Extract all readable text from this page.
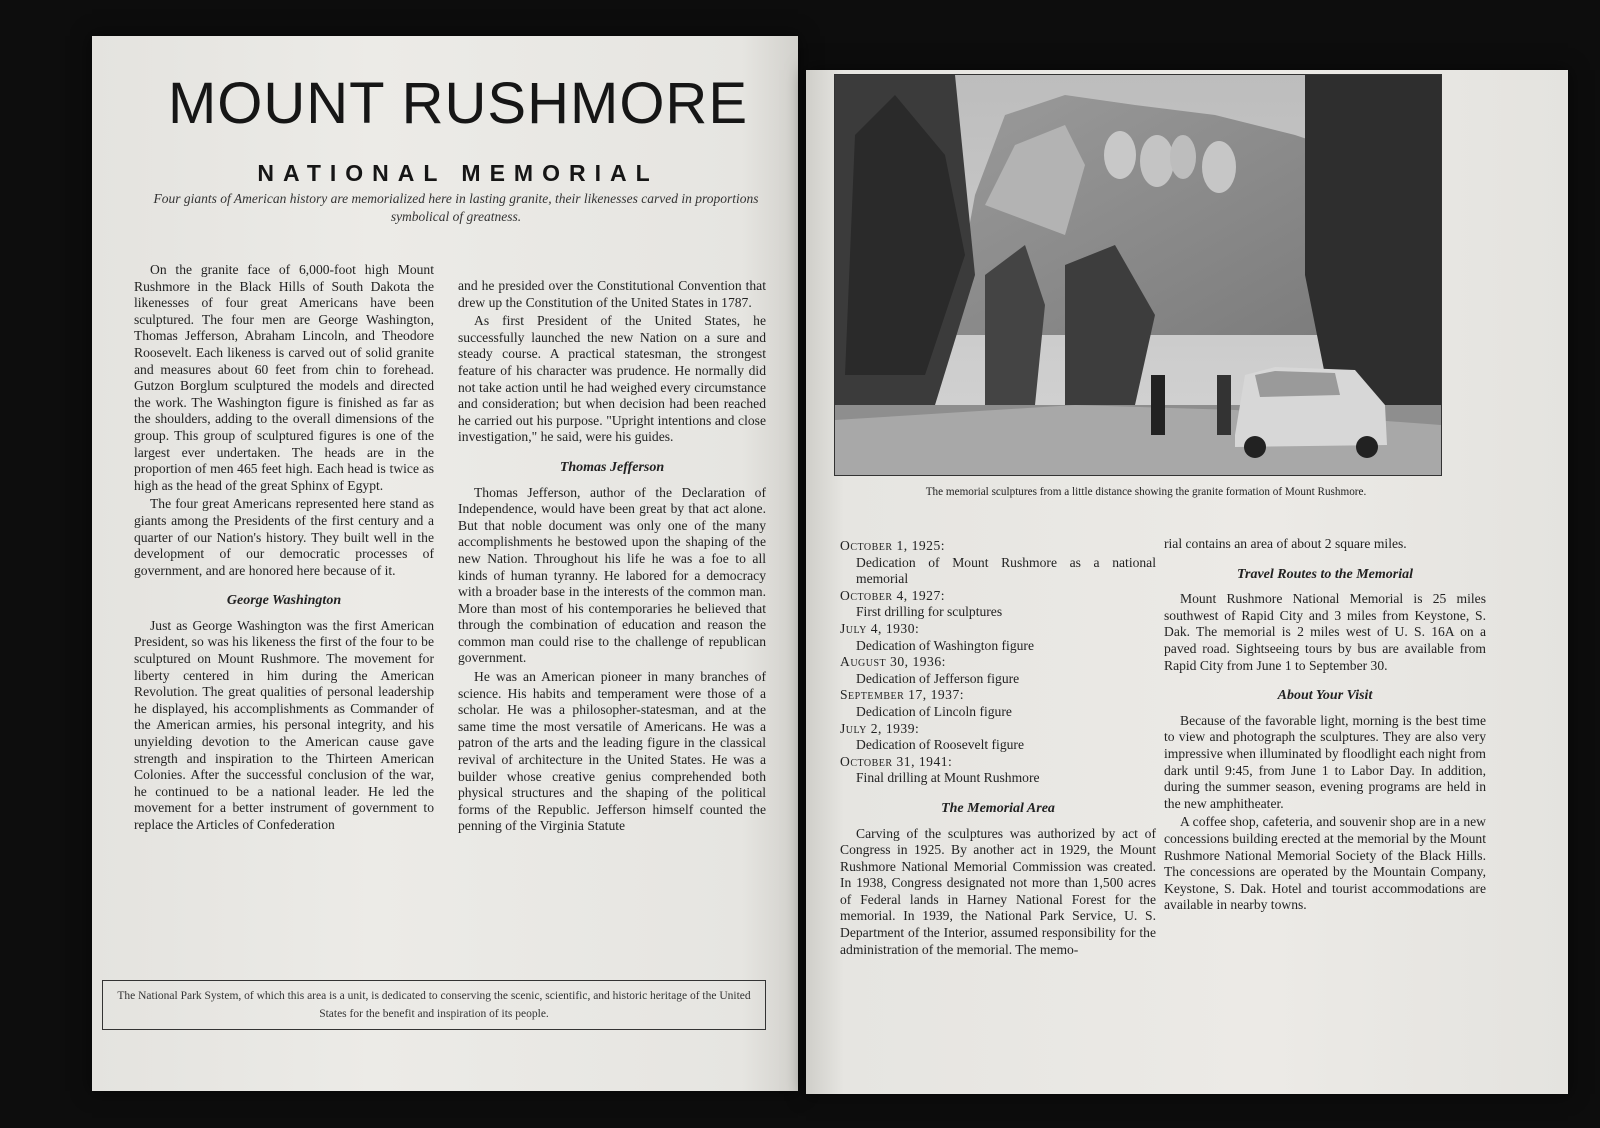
MOUNT RUSHMORE
NATIONAL MEMORIAL
Four giants of American history are memorialized here in lasting granite, their likenesses carved in proportions symbolical of greatness.

On the granite face of 6,000-foot high Mount Rushmore in the Black Hills of South Dakota the likenesses of four great Americans have been sculptured. The four men are George Washington, Thomas Jefferson, Abraham Lincoln, and Theodore Roosevelt. Each likeness is carved out of solid granite and measures about 60 feet from chin to forehead. Gutzon Borglum sculptured the models and directed the work. The Washington figure is finished as far as the shoulders, adding to the overall dimensions of the group. This group of sculptured figures is one of the largest ever undertaken. The heads are in the proportion of men 465 feet high. Each head is twice as high as the head of the great Sphinx of Egypt.

The four great Americans represented here stand as giants among the Presidents of the first century and a quarter of our Nation's history. They built well in the development of our democratic processes of government, and are honored here because of it.

George Washington

Just as George Washington was the first American President, so was his likeness the first of the four to be sculptured on Mount Rushmore. The movement for liberty centered in him during the American Revolution. The great qualities of personal leadership he displayed, his accomplishments as Commander of the American armies, his personal integrity, and his unyielding devotion to the American cause gave strength and inspiration to the Thirteen American Colonies. After the successful conclusion of the war, he continued to be a national leader. He led the movement for a better instrument of government to replace the Articles of Confederation

and he presided over the Constitutional Convention that drew up the Constitution of the United States in 1787.

As first President of the United States, he successfully launched the new Nation on a sure and steady course. A practical statesman, the strongest feature of his character was prudence. He normally did not take action until he had weighed every circumstance and consideration; but when decision had been reached he carried out his purpose. "Upright intentions and close investigation," he said, were his guides.

Thomas Jefferson

Thomas Jefferson, author of the Declaration of Independence, would have been great by that act alone. But that noble document was only one of the many accomplishments he bestowed upon the shaping of the new Nation. Throughout his life he was a foe to all kinds of human tyranny. He labored for a democracy with a broader base in the interests of the common man. More than most of his contemporaries he believed that through the combination of education and reason the common man could rise to the challenge of republican government.

He was an American pioneer in many branches of science. His habits and temperament were those of a scholar. He was a philosopher-statesman, and at the same time the most versatile of Americans. He was a patron of the arts and the leading figure in the classical revival of architecture in the United States. He was a builder whose creative genius comprehended both physical structures and the shaping of the political forms of the Republic. Jefferson himself counted the penning of the Virginia Statute

The National Park System, of which this area is a unit, is dedicated to conserving the scenic, scientific, and historic heritage of the United States for the benefit and inspiration of its people.
The memorial sculptures from a little distance showing the granite formation of Mount Rushmore.
October 1, 1925:
Dedication of Mount Rushmore as a national memorial
October 4, 1927:
First drilling for sculptures
July 4, 1930:
Dedication of Washington figure
August 30, 1936:
Dedication of Jefferson figure
September 17, 1937:
Dedication of Lincoln figure
July 2, 1939:
Dedication of Roosevelt figure
October 31, 1941:
Final drilling at Mount Rushmore
The Memorial Area

Carving of the sculptures was authorized by act of Congress in 1925. By another act in 1929, the Mount Rushmore National Memorial Commission was created. In 1938, Congress designated not more than 1,500 acres of Federal lands in Harney National Forest for the memorial. In 1939, the National Park Service, U. S. Department of the Interior, assumed responsibility for the administration of the memorial. The memo-

rial contains an area of about 2 square miles.

Travel Routes to the Memorial

Mount Rushmore National Memorial is 25 miles southwest of Rapid City and 3 miles from Keystone, S. Dak. The memorial is 2 miles west of U. S. 16A on a paved road. Sightseeing tours by bus are available from Rapid City from June 1 to September 30.

About Your Visit

Because of the favorable light, morning is the best time to view and photograph the sculptures. They are also very impressive when illuminated by floodlight each night from dark until 9:45, from June 1 to Labor Day. In addition, during the summer season, evening programs are held in the new amphitheater.

A coffee shop, cafeteria, and souvenir shop are in a new concessions building erected at the memorial by the Mount Rushmore National Memorial Society of the Black Hills. The concessions are operated by the Mountain Company, Keystone, S. Dak. Hotel and tourist accommodations are available in nearby towns.
